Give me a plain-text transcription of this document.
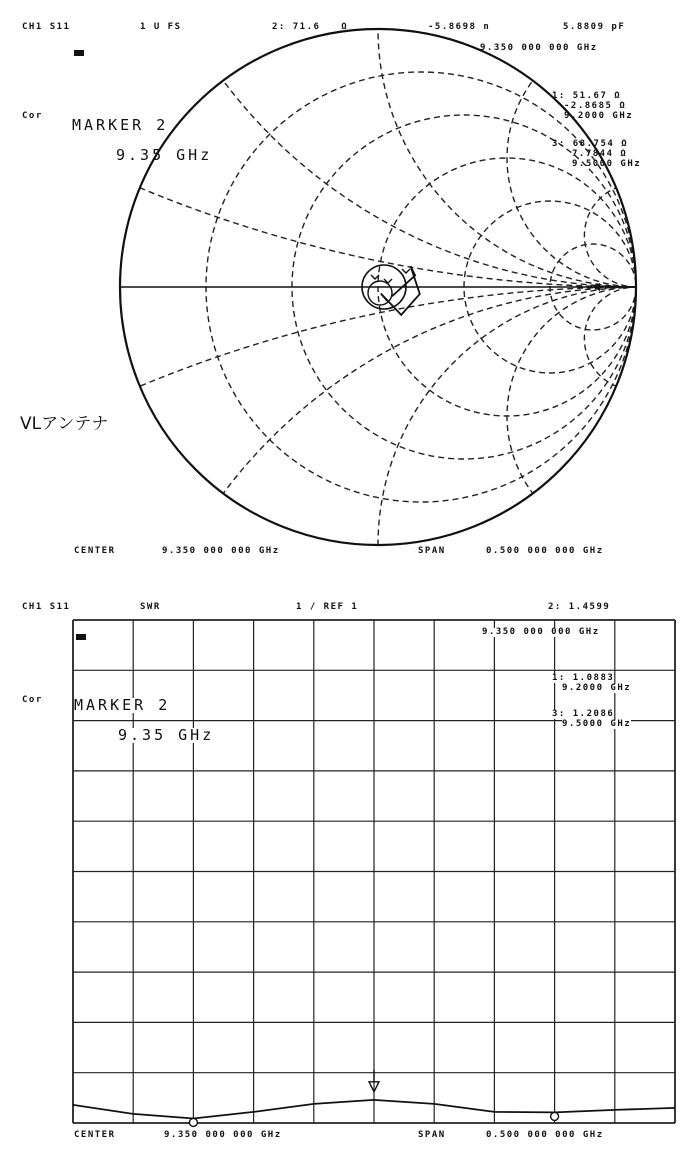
CH1 S11	1 U FS	2: 71.6 Ω	-5.8698 n	5.8809 pF
9.350 000 000 GHz
Cor MARKER 2
9.35 GHz
1: 51.67 Ω
-2.8685 Ω
9.2000 GHz
3: 68.754 Ω
7.7844 Ω
9.5000 GHz
VLアンテナ
CENTER	9.350 000 000 GHz	SPAN	0.500 000 000 GHz
CH1 S11	SWR	1 / REF 1	2: 1.4599
9.350 000 000 GHz
Cor MARKER 2
9.35 GHz
1: 1.0883
9.2000 GHz
3: 1.2086
9.5000 GHz
CENTER	9.350 000 000 GHz	SPAN	0.500 000 000 GHz
